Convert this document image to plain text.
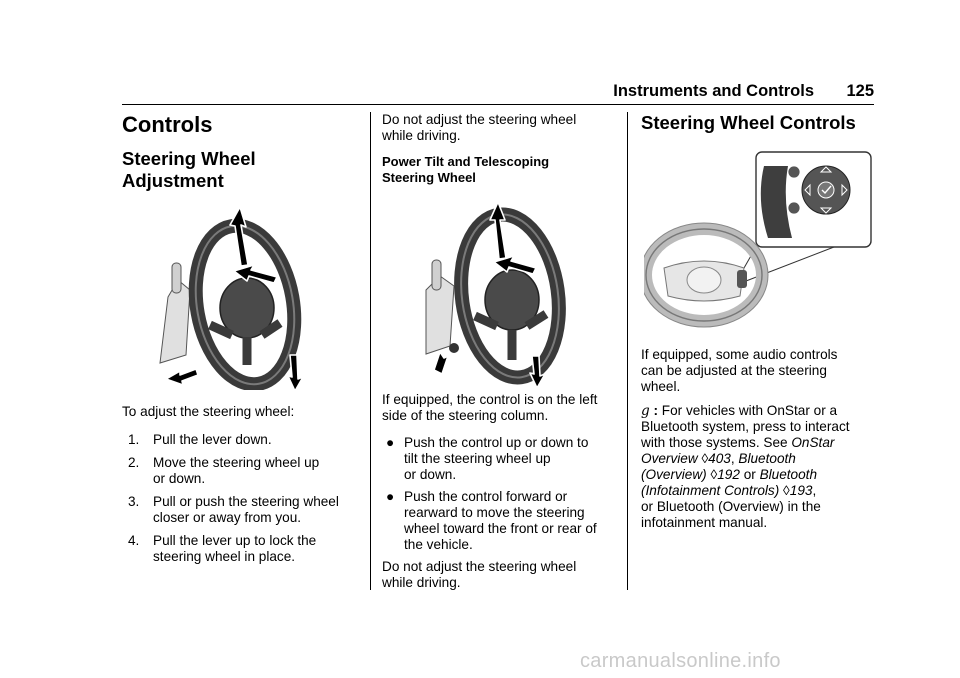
Instruments and Controls 125
Controls
Steering Wheel
Adjustment

To adjust the steering wheel:

1. Pull the lever down.
2. Move the steering wheel up
or down.
3. Pull or push the steering wheel
closer or away from you.
4. Pull the lever up to lock the
steering wheel in place.

Do not adjust the steering wheel

while driving.

Power Tilt and Telescoping
Steering Wheel

If equipped, the control is on the left

side of the steering column.

● Push the control up or down to
tilt the steering wheel up
or down.
● Push the control forward or
rearward to move the steering
wheel toward the front or rear of
the vehicle.

Do not adjust the steering wheel

while driving.

Steering Wheel Controls

If equipped, some audio controls

can be adjusted at the steering

wheel.

g : For vehicles with OnStar or a
Bluetooth system, press to interact
with those systems. See OnStar
Overview ◊403, Bluetooth
(Overview) ◊192 or Bluetooth
(Infotainment Controls) ◊193,
or Bluetooth (Overview) in the
infotainment manual.
carmanualsonline.info
